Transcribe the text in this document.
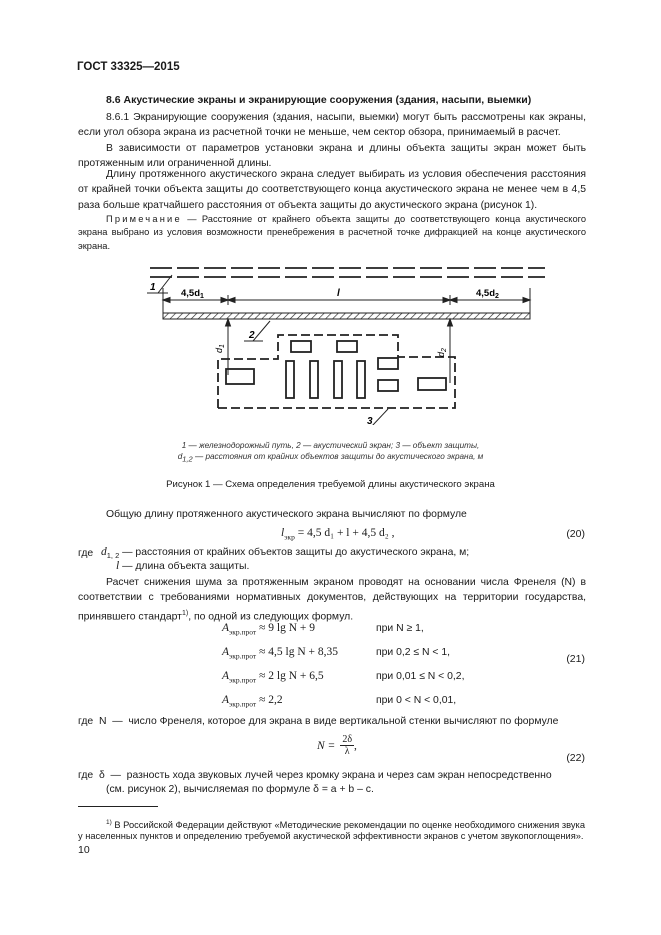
ГОСТ 33325—2015
8.6 Акустические экраны и экранирующие сооружения (здания, насыпи, выемки)
8.6.1 Экранирующие сооружения (здания, насыпи, выемки) могут быть рассмотрены как экраны, если угол обзора экрана из расчетной точки не меньше, чем сектор обзора, принимаемый в расчет.
В зависимости от параметров установки экрана и длины объекта защиты экран может быть протяженным или ограниченной длины.
Длину протяженного акустического экрана следует выбирать из условия обеспечения расстояния от крайней точки объекта защиты до соответствующего конца акустического экрана не менее чем в 4,5 раза больше кратчайшего расстояния от объекта защиты до акустического экрана (рисунок 1).
Примечание — Расстояние от крайнего объекта защиты до соответствующего конца акустического экрана выбрано из условия возможности пренебрежения в расчетной точке дифракцией на конце акустического экрана.
1
$4,5d_1$	l	$4,5d_2$
2
$d_1$
$d_2$
3
1 — железнодорожный путь, 2 — акустический экран; 3 — объект защиты,
$d_{1,2}$ — расстояния от крайних объектов защиты до акустического экрана, м
Рисунок 1 — Схема определения требуемой длины акустического экрана
Общую длину протяженного акустического экрана вычисляют по формуле
$l_{экр} = 4,5$ d₁ + l + 4,5 d₂ ,	(20)
где $d_{1, 2}$ — расстояния от крайних объектов защиты до акустического экрана, м;
l — длина объекта защиты.
Расчет снижения шума за протяженным экраном проводят на основании числа Френеля (N) в соответствии с требованиями нормативных документов, действующих на территории государства, принявшего стандарт$^{1)}$, по одной из следующих формул.
$A_{экр.прот} \approx 9$ lg N + 9	при N ≥ 1,
$A_{экр.прот} \approx 4,5$ lg N + 8,35	при 0,2 ≤ N < 1,
$A_{экр.прот} \approx 2$ lg N + 6,5	при 0,01 ≤ N < 0,2,
$A_{экр.прот} \approx 2,2$	при 0 < N < 0,01,
(21)
где  N  —  число Френеля, которое для экрана в виде вертикальной стенки вычисляют по формуле
$N = \frac{2\delta}{\lambda}$ ,
(22)
где  δ  —  разность хода звуковых лучей через кромку экрана и через сам экран непосредственно
(см. рисунок 2), вычисляемая по формуле δ = a + b – c.
$^{1)}$ В Российской Федерации действуют «Методические рекомендации по оценке необходимого снижения звука
у населенных пунктов и определению требуемой акустической эффективности экранов с учетом звукопоглощения».
10
